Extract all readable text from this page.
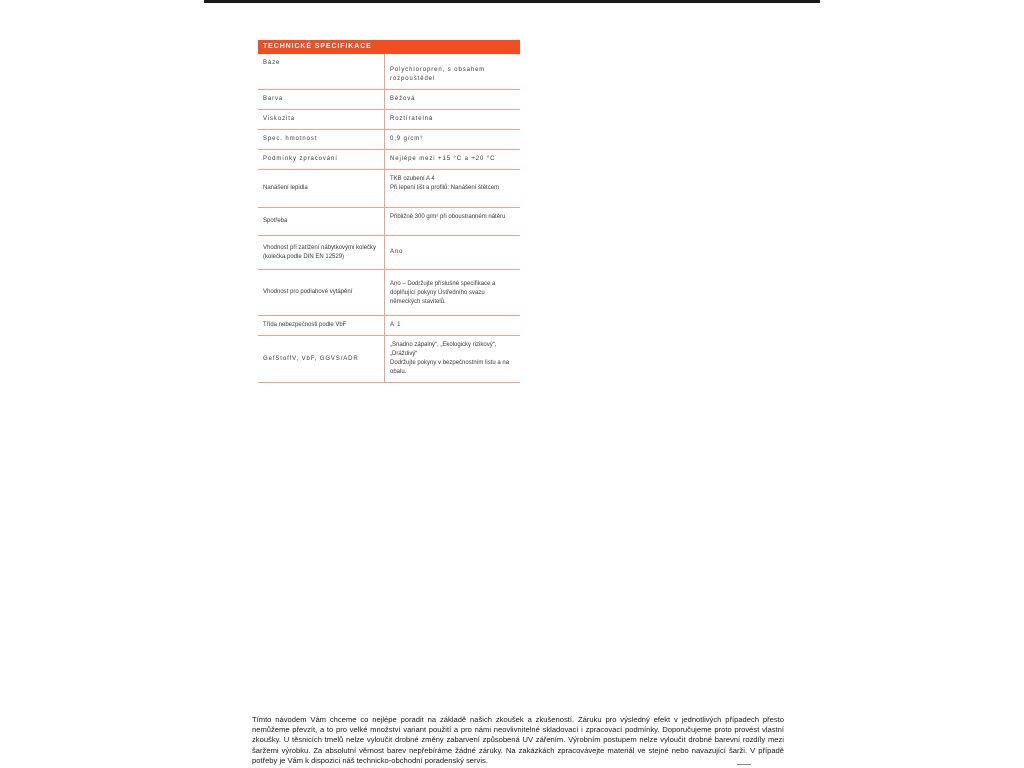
TECHNICKÉ SPECIFIKACE
Báze	Polychloropren, s obsahem rozpouštědel
Barva	Béžová
Viskozita	Roztíratelná
Spec. hmotnost	0,9 g/cm³
Podmínky zpracování	Nejlépe mezi +15 °C a +20 °C
Nanášení lepidla	TKB ozubení A 4
Při lepení lišt a profilů: Nanášení štětcem
Spotřeba	Přibližně 300 g/m² při oboustranném nátěru
Vhodnost při zatížení nábytkovými kolečky (kolečka podle DIN EN 12529)	Ano
Vhodnost pro podlahové vytápění	Ano – Dodržujte příslušné specifikace a doplňující pokyny Ústředního svazu německých stavitelů.
Třída nebezpečnosti podle VbF	A 1
GefStoffV, VbF, GGVS/ADR	„Snadno zápalný“, „Ekologicky rizikový“, „Dráždivý“
Dodržujte pokyny v bezpečnostním listu a na obalu.

Tímto návodem Vám chceme co nejlépe poradit na základě našich zkoušek a zkušeností. Záruku pro výsledný efekt v jednotlivých případech přesto nemůžeme převzít, a to pro velké množství variant použití a pro námi neovlivnitelné skladovací i zpracovací podmínky. Doporučujeme proto provést vlastní zkoušky. U těsnicích tmelů nelze vyloučit drobné změny zabarvení způsobená UV zářením. Výrobním postupem nelze vyloučit drobné barevní rozdíly mezi šaržemi výrobku. Za absolutní věrnost barev nepřebíráme žádné záruky. Na zakázkách zpracovávejte materiál ve stejné nebo navazující šarži. V případě potřeby je Vám k dispozici náš technicko-obchodní poradenský servis.
